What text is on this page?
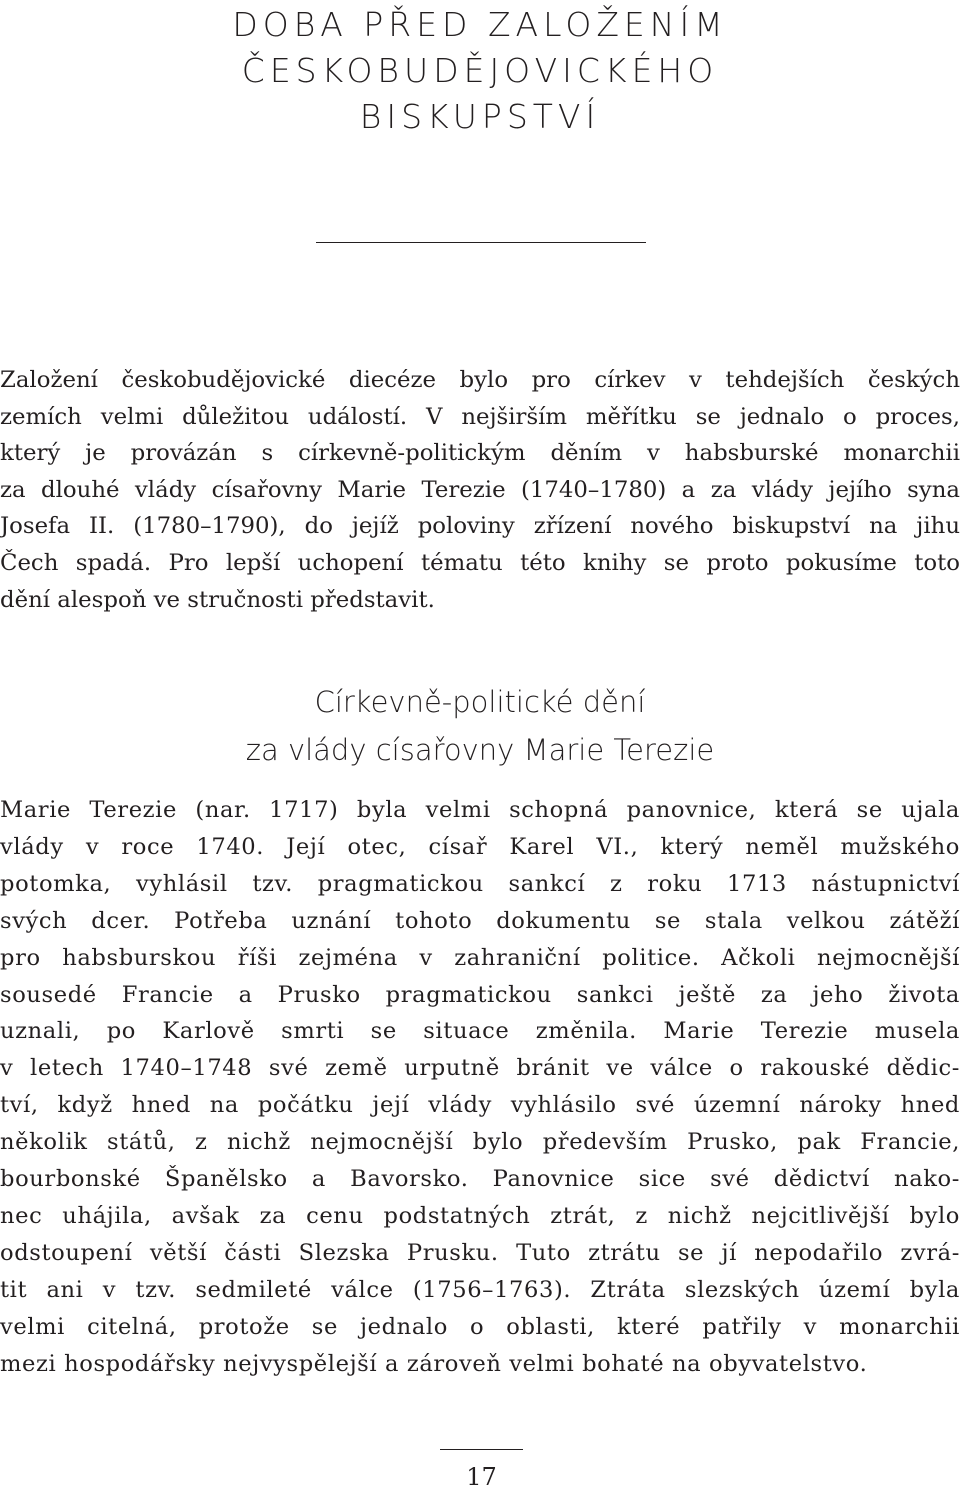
DOBA PŘED ZALOŽENÍM
ČESKOBUDĚJOVICKÉHO
BISKUPSTVÍ

Založení českobudějovické diecéze bylo pro církev v tehdejších českých
zemích velmi důležitou událostí. V nejširším měřítku se jednalo o proces,
který je provázán s církevně-politickým děním v habsburské monarchii
za dlouhé vlády císařovny Marie Terezie (1740–1780) a za vlády jejího syna
Josefa II. (1780–1790), do jejíž poloviny zřízení nového biskupství na jihu
Čech spadá. Pro lepší uchopení tématu této knihy se proto pokusíme toto
dění alespoň ve stručnosti představit.

Církevně-politické dění
za vlády císařovny Marie Terezie

Marie Terezie (nar. 1717) byla velmi schopná panovnice, která se ujala
vlády v roce 1740. Její otec, císař Karel VI., který neměl mužského
potomka, vyhlásil tzv. pragmatickou sankcí z roku 1713 nástupnictví
svých dcer. Potřeba uznání tohoto dokumentu se stala velkou zátěží
pro habsburskou říši zejména v zahraniční politice. Ačkoli nejmocnější
sousedé Francie a Prusko pragmatickou sankci ještě za jeho života
uznali, po Karlově smrti se situace změnila. Marie Terezie musela
v letech 1740–1748 své země urputně bránit ve válce o rakouské dědic-
tví, když hned na počátku její vlády vyhlásilo své územní nároky hned
několik států, z nichž nejmocnější bylo především Prusko, pak Francie,
bourbonské Španělsko a Bavorsko. Panovnice sice své dědictví nako-
nec uhájila, avšak za cenu podstatných ztrát, z nichž nejcitlivější bylo
odstoupení větší části Slezska Prusku. Tuto ztrátu se jí nepodařilo zvrá-
tit ani v tzv. sedmileté válce (1756–1763). Ztráta slezských území byla
velmi citelná, protože se jednalo o oblasti, které patřily v monarchii
mezi hospodářsky nejvyspělejší a zároveň velmi bohaté na obyvatelstvo.

17
